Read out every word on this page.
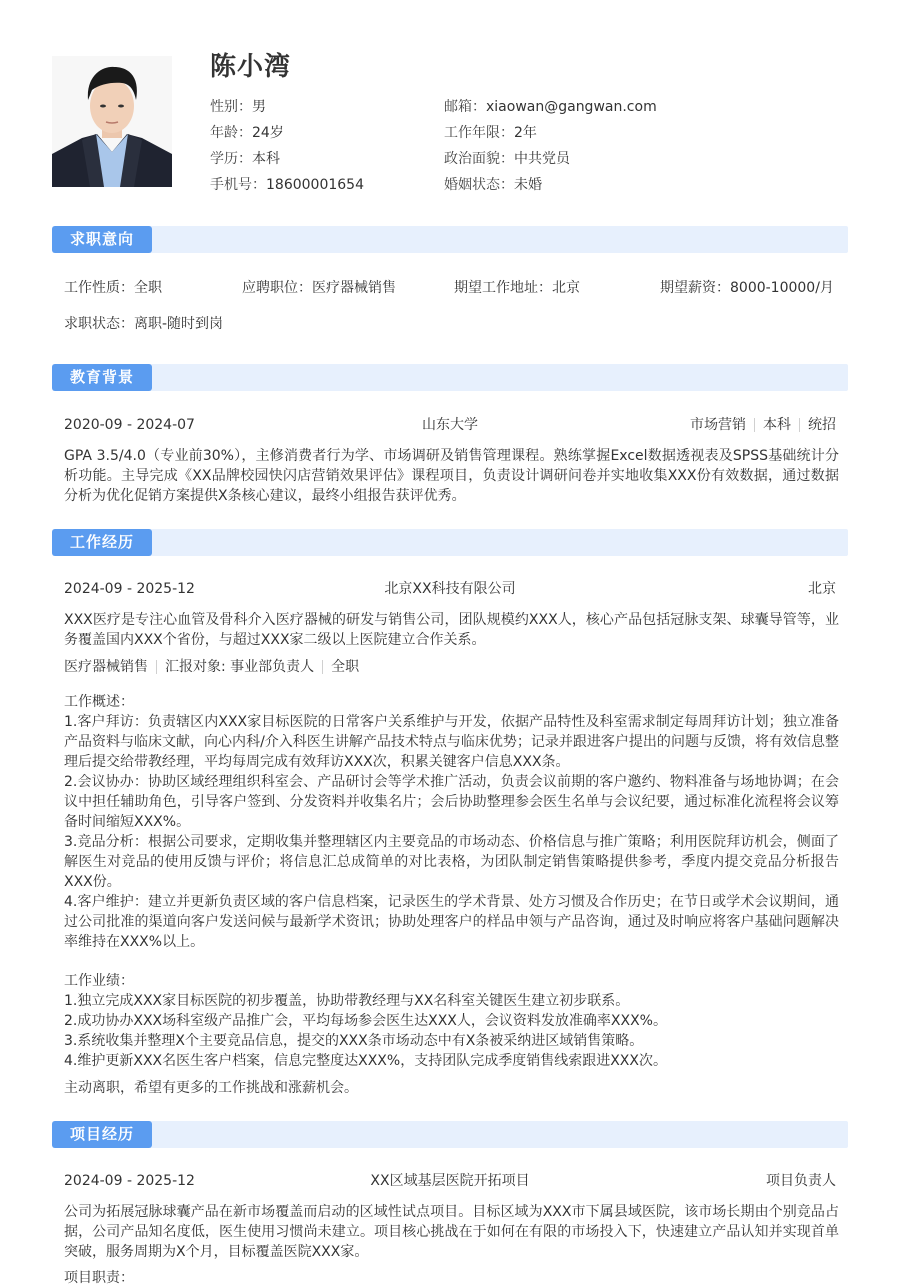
陈小湾
性别：男
年龄：24岁
学历：本科
手机号：18600001654
邮箱：xiaowan@gangwan.com
工作年限：2年
政治面貌：中共党员
婚姻状态：未婚
求职意向
工作性质：全职	应聘职位：医疗器械销售	期望工作地址：北京	期望薪资：8000-10000/月
求职状态：离职-随时到岗
教育背景
2020-09 - 2024-07	山东大学	市场营销 本科 统招
GPA 3.5/4.0（专业前30%），主修消费者行为学、市场调研及销售管理课程。熟练掌握Excel数据透视表及SPSS基础统计分析功能。主导完成《XX品牌校园快闪店营销效果评估》课程项目，负责设计调研问卷并实地收集XXX份有效数据，通过数据分析为优化促销方案提供X条核心建议，最终小组报告获评优秀。
工作经历
2024-09 - 2025-12	北京XX科技有限公司	北京
XXX医疗是专注心血管及骨科介入医疗器械的研发与销售公司，团队规模约XXX人，核心产品包括冠脉支架、球囊导管等，业务覆盖国内XXX个省份，与超过XXX家二级以上医院建立合作关系。
医疗器械销售 汇报对象: 事业部负责人 全职
工作概述：
1.客户拜访：负责辖区内XXX家目标医院的日常客户关系维护与开发，依据产品特性及科室需求制定每周拜访计划；独立准备产品资料与临床文献，向心内科/介入科医生讲解产品技术特点与临床优势；记录并跟进客户提出的问题与反馈，将有效信息整理后提交给带教经理，平均每周完成有效拜访XXX次，积累关键客户信息XXX条。
2.会议协办：协助区域经理组织科室会、产品研讨会等学术推广活动，负责会议前期的客户邀约、物料准备与场地协调；在会议中担任辅助角色，引导客户签到、分发资料并收集名片；会后协助整理参会医生名单与会议纪要，通过标准化流程将会议筹备时间缩短XXX%。
3.竞品分析：根据公司要求，定期收集并整理辖区内主要竞品的市场动态、价格信息与推广策略；利用医院拜访机会，侧面了解医生对竞品的使用反馈与评价；将信息汇总成简单的对比表格，为团队制定销售策略提供参考，季度内提交竞品分析报告XXX份。
4.客户维护：建立并更新负责区域的客户信息档案，记录医生的学术背景、处方习惯及合作历史；在节日或学术会议期间，通过公司批准的渠道向客户发送问候与最新学术资讯；协助处理客户的样品申领与产品咨询，通过及时响应将客户基础问题解决率维持在XXX%以上。
工作业绩：
1.独立完成XXX家目标医院的初步覆盖，协助带教经理与XX名科室关键医生建立初步联系。
2.成功协办XXX场科室级产品推广会，平均每场参会医生达XXX人，会议资料发放准确率XXX%。
3.系统收集并整理X个主要竞品信息，提交的XXX条市场动态中有X条被采纳进区域销售策略。
4.维护更新XXX名医生客户档案，信息完整度达XXX%，支持团队完成季度销售线索跟进XXX次。
主动离职，希望有更多的工作挑战和涨薪机会。
项目经历
2024-09 - 2025-12	XX区域基层医院开拓项目	项目负责人
公司为拓展冠脉球囊产品在新市场覆盖而启动的区域性试点项目。目标区域为XXX市下属县域医院，该市场长期由个别竞品占据，公司产品知名度低，医生使用习惯尚未建立。项目核心挑战在于如何在有限的市场投入下，快速建立产品认知并实现首单突破，服务周期为X个月，目标覆盖医院XXX家。
项目职责：
